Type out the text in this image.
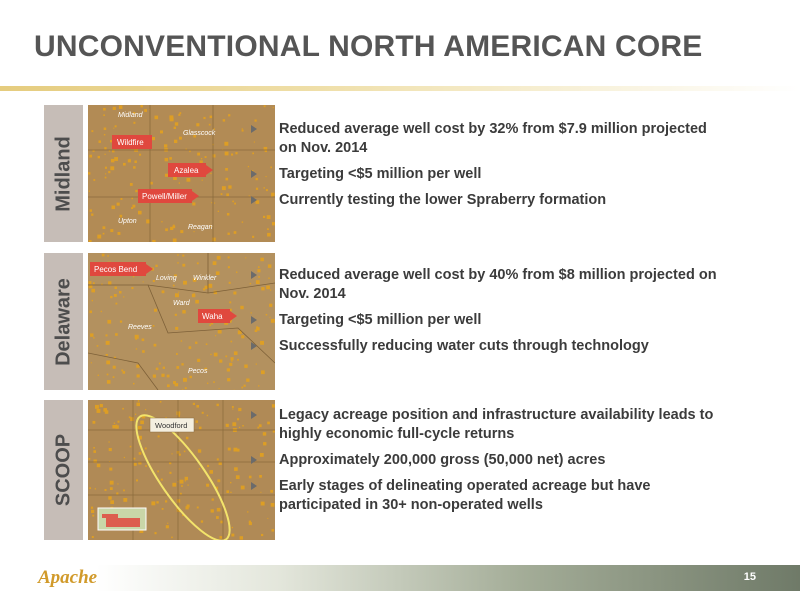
UNCONVENTIONAL NORTH AMERICAN CORE
Midland
Midland
Glasscock
Wildfire
Azalea
Powell/Miller
Upton
Reagan
Reduced average well cost by 32% from $7.9 million projected on Nov. 2014
Targeting <$5 million per well
Currently testing the lower Spraberry formation
Delaware
Pecos Bend
Loving Winkler
Ward
Waha
Reeves
Pecos
Reduced average well cost by 40% from $8 million projected on Nov. 2014
Targeting <$5 million per well
Successfully reducing water cuts through technology
SCOOP
Woodford
Legacy acreage position and infrastructure availability leads to highly economic full-cycle returns
Approximately 200,000 gross (50,000 net) acres
Early stages of delineating operated acreage but have participated in 30+ non-operated wells
Apache	15
